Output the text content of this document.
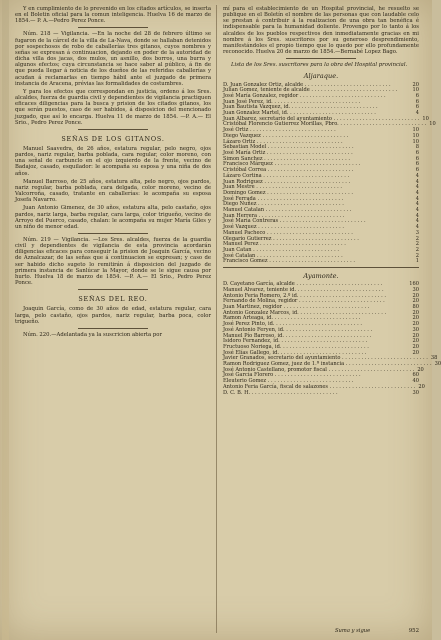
Y en cumplimiento de lo prevenido en los citados artículos, se inserta en el Boletin oficial para la comun inteligencia. Huelva 16 de marzo de 1854.— P. A.—Pedro Perez Ponce.

Núm. 218 — Vigilancia. —En la noche del 28 de febrero último se fugaron de la cárcel de la villa de La-Nava, donde se hallaban detenidos por sospechosos de robo de caballerías tres gitanos, cuyos nombres y señas se expresan á continuacion, dejando en poder de la autoridad de dicha villa dos jacas, dos mulos, un asnillo, dos borros, una burra y algunos efectos; cuya circunstancia se hace saber al público, á fin de que pueda llegar á noticia de los dueños de las referidas caballerías y acudan á reclamarlas en tiempo hábil ante el juzgado de primera instancia de Aracena, prévias las formalidades de costumbres.

Y para los efectos que correspondan en justicia, ordeno á los Sres. alcaldes, fuerza de guardia civil y dependientes de vigilancia practiquen eficaces diligencias para la busca y prision de los citados gitanos, los que serán puestos, caso de ser habidos, á disposicion del mencionado juzgado, que así lo encarga. Huelva 11 de marzo de 1854. —P. A.— El Srio., Pedro Perez Ponce.

SEÑAS DE LOS GITANOS.

Manuel Saavedra, de 26 años, estatura regular, pelo negro, ojos pardos, nariz regular, barba poblada, cara regular, color moreno, con una señal de carbunclo en el ojo izquierdo de la frente, vecino de Badajoz, casado, esquilador: le acompaña su esposa y una niña de dos años.

Manuel Barroso, de 25 años, estatura alta, pelo negro, ojos pardos, nariz regular, barba poblada, cara delgada, color moreno, vecino de Valcorroña, casado, tratante en caballerías: le acompaña su esposa Josefa Navarro.

Juan Antonio Gimenez, de 30 años, estatura alta, pelo castaño, ojos pardos, nariz larga, barba regular, cara larga, color trigueño, vecino de Arroyo del Puerco, casado, chalan: le acompaña su mujer María Giles y un niño de menor edad.

Núm. 219 — Vigilancia. —Los Sres. alcaldes, fuerza de la guardia civil y dependientes de vigilancia de esta provincia acordarán diligencias eficaces para conseguir la prision de Joaquin García, vecino de Aznalcazar, de las señas que á continuacion se expresan; y caso de ser habido dicho sugeto lo remitirán á disposicion del juzgado de primera instancia de Sanlúcar la Mayor, donde se le sigue causa por hurto. Huelva 18 de marzo de 1854. —P. A.— El Srio., Pedro Perez Ponce.

SEÑAS DEL REO.

Joaquin García, como de 30 años de edad, estatura regular, cara larga, pelo castaño, ojos pardos, nariz regular, barba poca, color trigueño.

Núm. 220.—Adelantada ya la suscricion abierta por

mí para el establecimiento de un Hospital provincial, he resuelto se publique en el Boletín el nombre de las personas que con laudable celo se prestan á contribuir á la realizacion de una obra tan benéfica é indispensable para la humanidad doliente. Provengo por lo tanto á los alcaldes de los pueblos respectivos den inmediatamente gracias en mi nombre á los Sres. suscritores por su generoso desprendimiento, manifestándoles el propio tiempo que lo quedo por ello profundamente reconocido. Huelva 20 de marzo de 1854.—Bernabé Lopez Bago.

Lista de los Sres. suscritores para la obra del Hospital provincial.

Aljaraque.
D. Juan Gonzalez Ortiz, alcalde . . . . . . . . . . . . . . . . . . . . . . . . . . .	20
Julian Gomez, teniente de alcalde . . . . . . . . . . . . . . . . . . . . . . . . . . .	10
José María Gonzalez, regidor . . . . . . . . . . . . . . . . . . . . . . . . . . .	6
Juan José Perez, id. . . . . . . . . . . . . . . . . . . . . . . . . . . .	6
Juan Bautista Vazquez, id. . . . . . . . . . . . . . . . . . . . . . . . . . . .	6
Juan Gonzalez Martel, id. . . . . . . . . . . . . . . . . . . . . . . . . . . .	4
Juan Albarez, secretario del ayuntamiento . . . . . . . . . . . . . . . . . . . . . . . . . . . 10
Cristóbal Florencio Gutierrez Morillas, Pbro. . . . . . . . . . . . . . . . . . . . . . . . . . . . 10
José Ortiz . . . . . . . . . . . . . . . . . . . . . . . . . . .	10
Diego Vazquez . . . . . . . . . . . . . . . . . . . . . . . . . . .	10
Lázaro Ortiz . . . . . . . . . . . . . . . . . . . . . . . . . . .	10
Sebastian Model . . . . . . . . . . . . . . . . . . . . . . . . . . .	8
José María Ortiz . . . . . . . . . . . . . . . . . . . . . . . . . . .	6
Simon Sanchez . . . . . . . . . . . . . . . . . . . . . . . . . . .	6
Francisco Márquez . . . . . . . . . . . . . . . . . . . . . . . . . . .	6
Cristóbal Correa . . . . . . . . . . . . . . . . . . . . . . . . . . .	6
Lázaro Cortina . . . . . . . . . . . . . . . . . . . . . . . . . . .	4
Juan Rodriguez . . . . . . . . . . . . . . . . . . . . . . . . . . .	4
Juan Mestre . . . . . . . . . . . . . . . . . . . . . . . . . . .	4
Domingo Gomez . . . . . . . . . . . . . . . . . . . . . . . . . . .	4
José Ferrada . . . . . . . . . . . . . . . . . . . . . . . . . . .	4
Diego Nuñez . . . . . . . . . . . . . . . . . . . . . . . . . . .	4
Manuel Catalan . . . . . . . . . . . . . . . . . . . . . . . . . . .	4
Juan Herrera . . . . . . . . . . . . . . . . . . . . . . . . . . .	4
José María Contreras . . . . . . . . . . . . . . . . . . . . . . . . . . .	4
José Vazquez . . . . . . . . . . . . . . . . . . . . . . . . . . .	4
Manuel Pacheco . . . . . . . . . . . . . . . . . . . . . . . . . . .	3
Olegario Gutierrez . . . . . . . . . . . . . . . . . . . . . . . . . . .	2
Manuel Perez . . . . . . . . . . . . . . . . . . . . . . . . . . .	2
Juan Catan . . . . . . . . . . . . . . . . . . . . . . . . . . .	2
José Catalan . . . . . . . . . . . . . . . . . . . . . . . . . . .	2
Francisco Gomez . . . . . . . . . . . . . . . . . . . . . . . . . . .	1
Ayamonte.
D. Cayetano García, alcalde . . . . . . . . . . . . . . . . . . . . . . . . . . .	160
Manuel Alvarez, teniente id. . . . . . . . . . . . . . . . . . . . . . . . . . . .	30
Antonio Feria Romero, 2.º id. . . . . . . . . . . . . . . . . . . . . . . . . . . .	20
Fernando de Molina, regidor . . . . . . . . . . . . . . . . . . . . . . . . . . .	20
Juan Martinez, regidor . . . . . . . . . . . . . . . . . . . . . . . . . . .	80
Antonio Gonzalez Marcos, id. . . . . . . . . . . . . . . . . . . . . . . . . . . .	20
Ramon Arteaga, id. . . . . . . . . . . . . . . . . . . . . . . . . . . .	20
José Perez Pinto, id. . . . . . . . . . . . . . . . . . . . . . . . . . . .	20
José Antonio Feryen, id. . . . . . . . . . . . . . . . . . . . . . . . . . . .	30
Manuel Pío Barroso, id. . . . . . . . . . . . . . . . . . . . . . . . . . . .	20
Isidoro Fernandez, id. . . . . . . . . . . . . . . . . . . . . . . . . . . .	20
Fructuoso Noriega, id. . . . . . . . . . . . . . . . . . . . . . . . . . . .	20
José Elías Gallego, id. . . . . . . . . . . . . . . . . . . . . . . . . . . .	20
Javier Granados, secretario del ayuntamiento . . . . . . . . . . . . . . . . . . . . . . . . . . . 38
Ramon Rodriguez Gomez, juez de 1.ª instancia . . . . . . . . . . . . . . . . . . . . . . . . . . . 30
José Antonio Castellano, promotor fiscal . . . . . . . . . . . . . . . . . . . . . . . . . . . 20
José García Florero . . . . . . . . . . . . . . . . . . . . . . . . . . .	60
Eleuterio Gomez . . . . . . . . . . . . . . . . . . . . . . . . . . .	40
Antonio Feria García, fiscal de salazones . . . . . . . . . . . . . . . . . . . . . . . . . . . 20
D. C. B. H. . . . . . . . . . . . . . . . . . . . . . . . . . . .	30
Suma y sigue	952
